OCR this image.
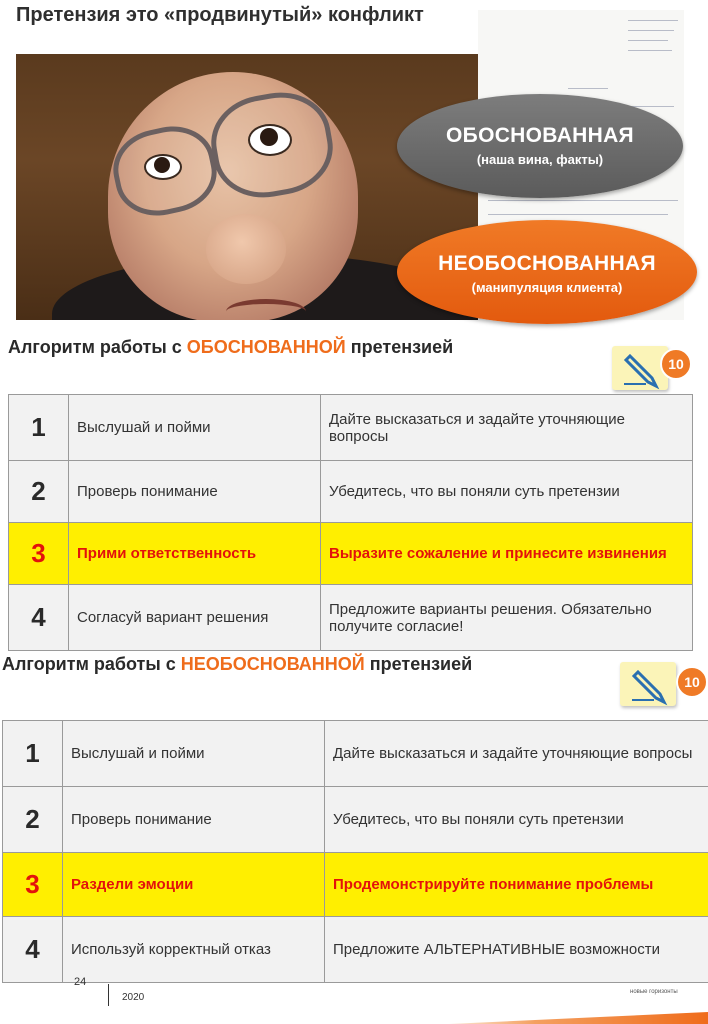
Претензия это «продвинутый» конфликт
ОБОСНОВАННАЯ
(наша вина, факты)
НЕОБОСНОВАННАЯ
(манипуляция клиента)
Алгоритм работы с ОБОСНОВАННОЙ претензией
10
1	Выслушай и пойми	Дайте высказаться и задайте уточняющие вопросы
2	Проверь понимание	Убедитесь, что вы поняли суть претензии
3	Прими ответственность	Выразите сожаление и принесите извинения
4	Согласуй вариант решения	Предложите варианты решения. Обязательно получите согласие!
Алгоритм работы с НЕОБОСНОВАННОЙ претензией
10
1	Выслушай и пойми	Дайте высказаться и задайте уточняющие вопросы
2	Проверь понимание	Убедитесь, что вы поняли суть претензии
3	Раздели эмоции	Продемонстрируйте понимание проблемы
4	Используй корректный отказ	Предложите АЛЬТЕРНАТИВНЫЕ возможности
24
2020	новые горизонты
